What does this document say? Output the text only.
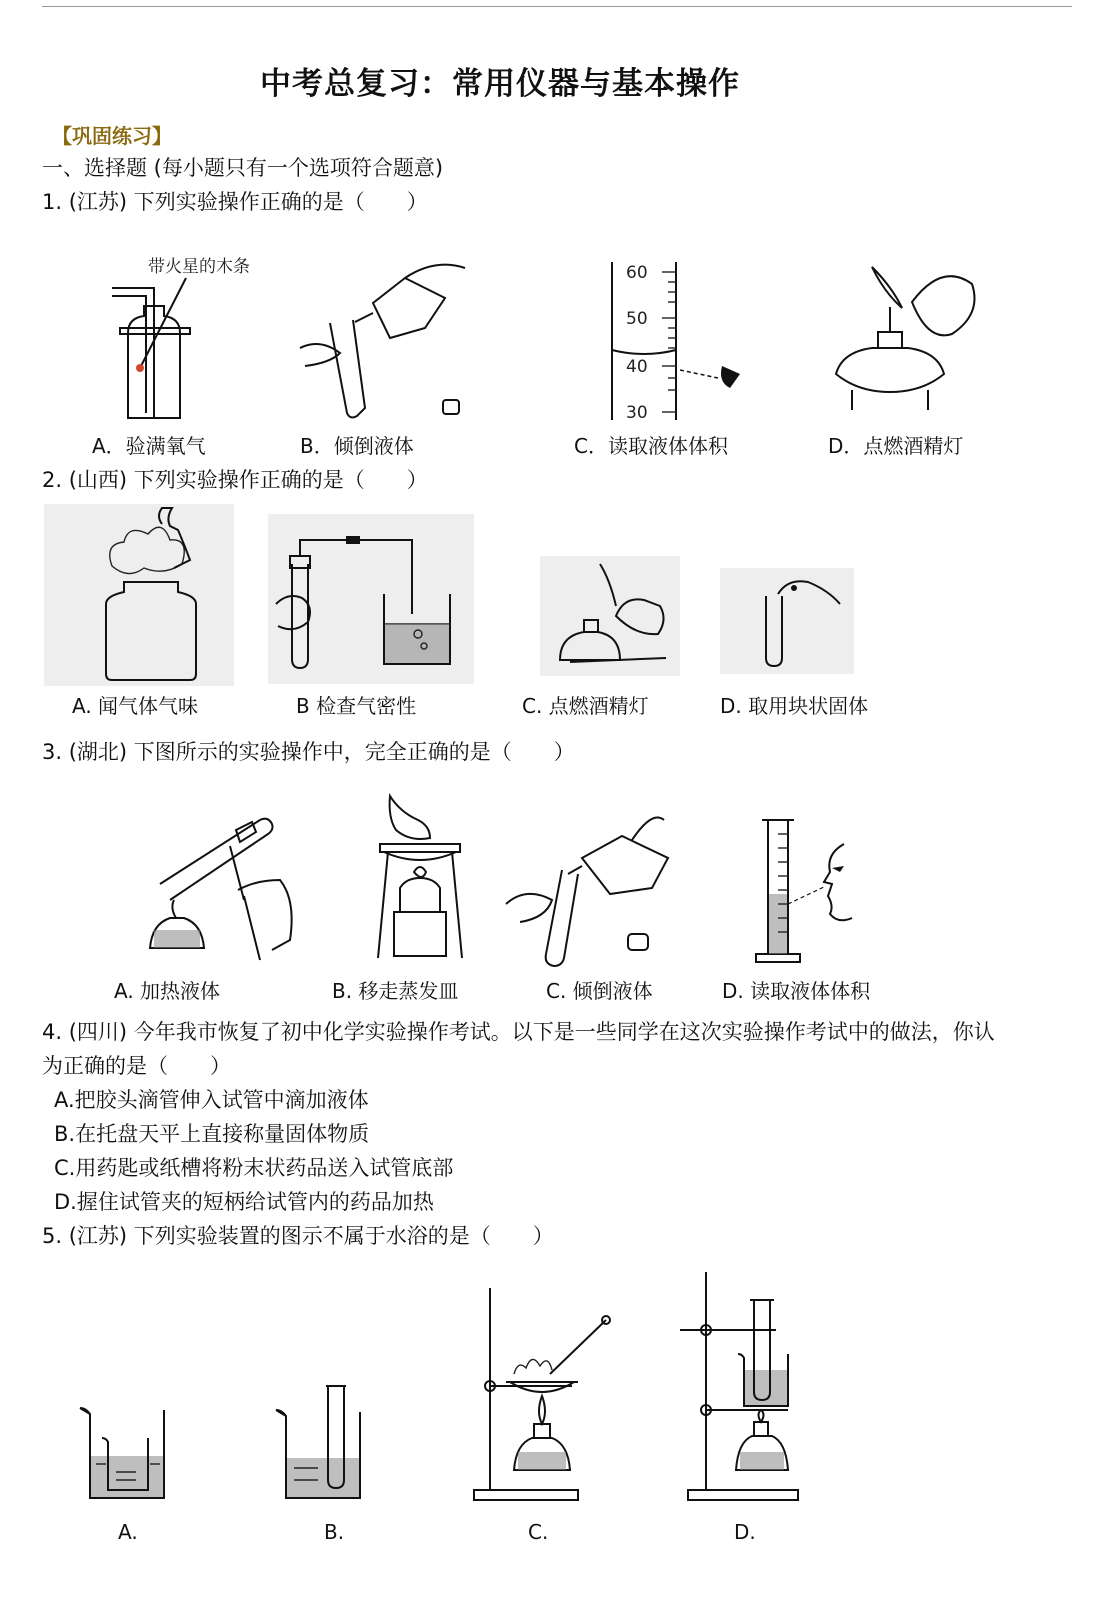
中考总复习：常用仪器与基本操作
【巩固练习】
一、选择题 (每小题只有一个选项符合题意)
1. (江苏) 下列实验操作正确的是（　　）
带火星的木条	60
50
40
30
A．验满氧气	B．倾倒液体	C．读取液体体积	D．点燃酒精灯
2. (山西) 下列实验操作正确的是（　　）
A. 闻气体气味	B 检查气密性	C. 点燃酒精灯	D. 取用块状固体
3. (湖北) 下图所示的实验操作中，完全正确的是（　　）
A. 加热液体	B. 移走蒸发皿	C. 倾倒液体	D. 读取液体体积
4. (四川) 今年我市恢复了初中化学实验操作考试。以下是一些同学在这次实验操作考试中的做法，你认
为正确的是（　　）
A.把胶头滴管伸入试管中滴加液体
B.在托盘天平上直接称量固体物质
C.用药匙或纸槽将粉末状药品送入试管底部
D.握住试管夹的短柄给试管内的药品加热
5. (江苏) 下列实验装置的图示不属于水浴的是（　　）
A.	B.	C.	D.
